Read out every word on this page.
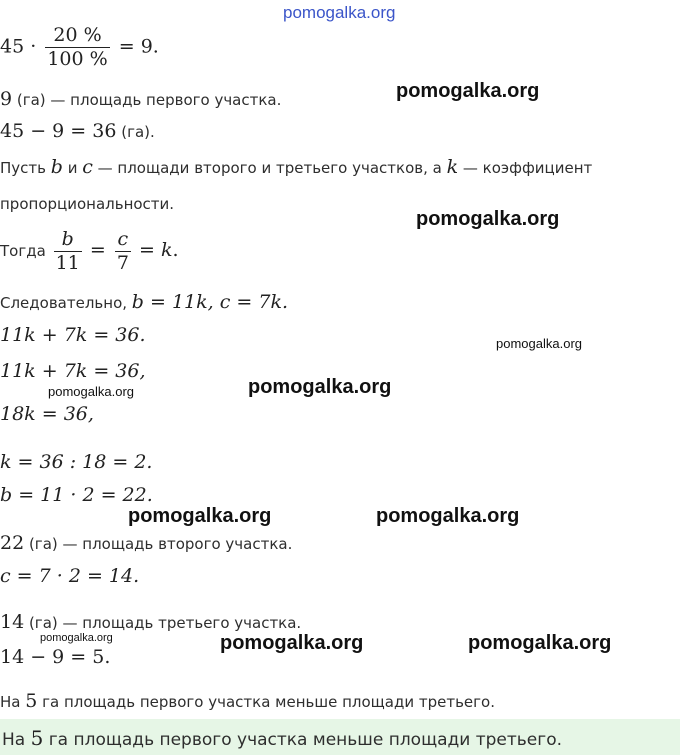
pomogalka.org
pomogalka.org
pomogalka.org
pomogalka.org
pomogalka.org
pomogalka.org
pomogalka.org	pomogalka.org
pomogalka.org	pomogalka.org	pomogalka.org
$45 \cdot \frac{20 \%}{100 \%} = 9$.
9 (га) — площадь первого участка.
45 − 9 = 36 (га).
Пусть b и c — площади второго и третьего участков, а k — коэффициент
пропорциональности.
Тогда $\frac{b}{11} = \frac{c}{7} = k$.
Следовательно, b = 11k, c = 7k.
11k + 7k = 36.
11k + 7k = 36,
18k = 36,
k = 36 : 18 = 2.
b = 11 · 2 = 22.
22 (га) — площадь второго участка.
c = 7 · 2 = 14.
14 (га) — площадь третьего участка.
14 − 9 = 5.
На 5 га площадь первого участка меньше площади третьего.
На 5 га площадь первого участка меньше площади третьего.
